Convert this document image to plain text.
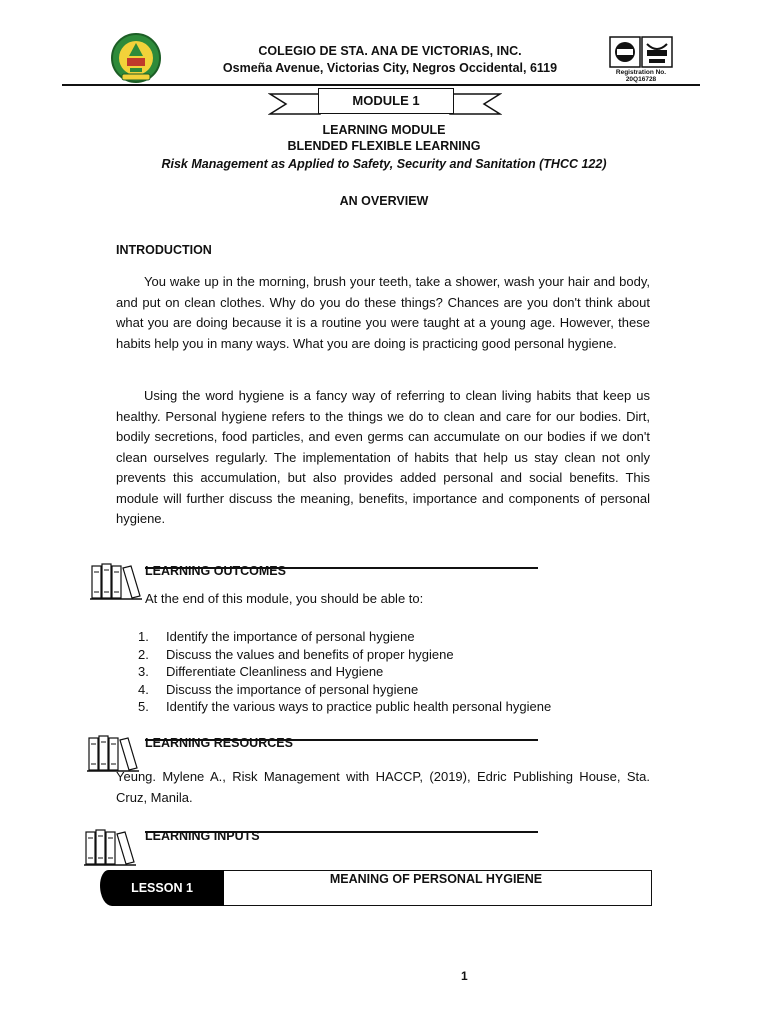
COLEGIO DE STA. ANA DE VICTORIAS, INC.
Osmeña Avenue, Victorias City, Negros Occidental, 6119	Registration No. 20Q16728
MODULE 1
LEARNING MODULE
BLENDED FLEXIBLE LEARNING
Risk Management as Applied to Safety, Security and Sanitation (THCC 122)
AN OVERVIEW
INTRODUCTION

You wake up in the morning, brush your teeth, take a shower, wash your hair and body, and put on clean clothes. Why do you do these things? Chances are you don't think about what you are doing because it is a routine you were taught at a young age. However, these habits help you in many ways. What you are doing is practicing good personal hygiene.

Using the word hygiene is a fancy way of referring to clean living habits that keep us healthy. Personal hygiene refers to the things we do to clean and care for our bodies. Dirt, bodily secretions, food particles, and even germs can accumulate on our bodies if we don't clean ourselves regularly. The implementation of habits that help us stay clean not only prevents this accumulation, but also provides added personal and social benefits. This module will further discuss the meaning, benefits, importance and components of personal hygiene.

LEARNING OUTCOMES
At the end of this module, you should be able to:
1. Identify the importance of personal hygiene
2. Discuss the values and benefits of proper hygiene
3. Differentiate Cleanliness and Hygiene
4. Discuss the importance of personal hygiene
5. Identify the various ways to practice public health personal hygiene
LEARNING RESOURCES

Yeung. Mylene A., Risk Management with HACCP, (2019), Edric Publishing House, Sta. Cruz, Manila.

LEARNING INPUTS
MEANING OF PERSONAL HYGIENE
LESSON 1
1
